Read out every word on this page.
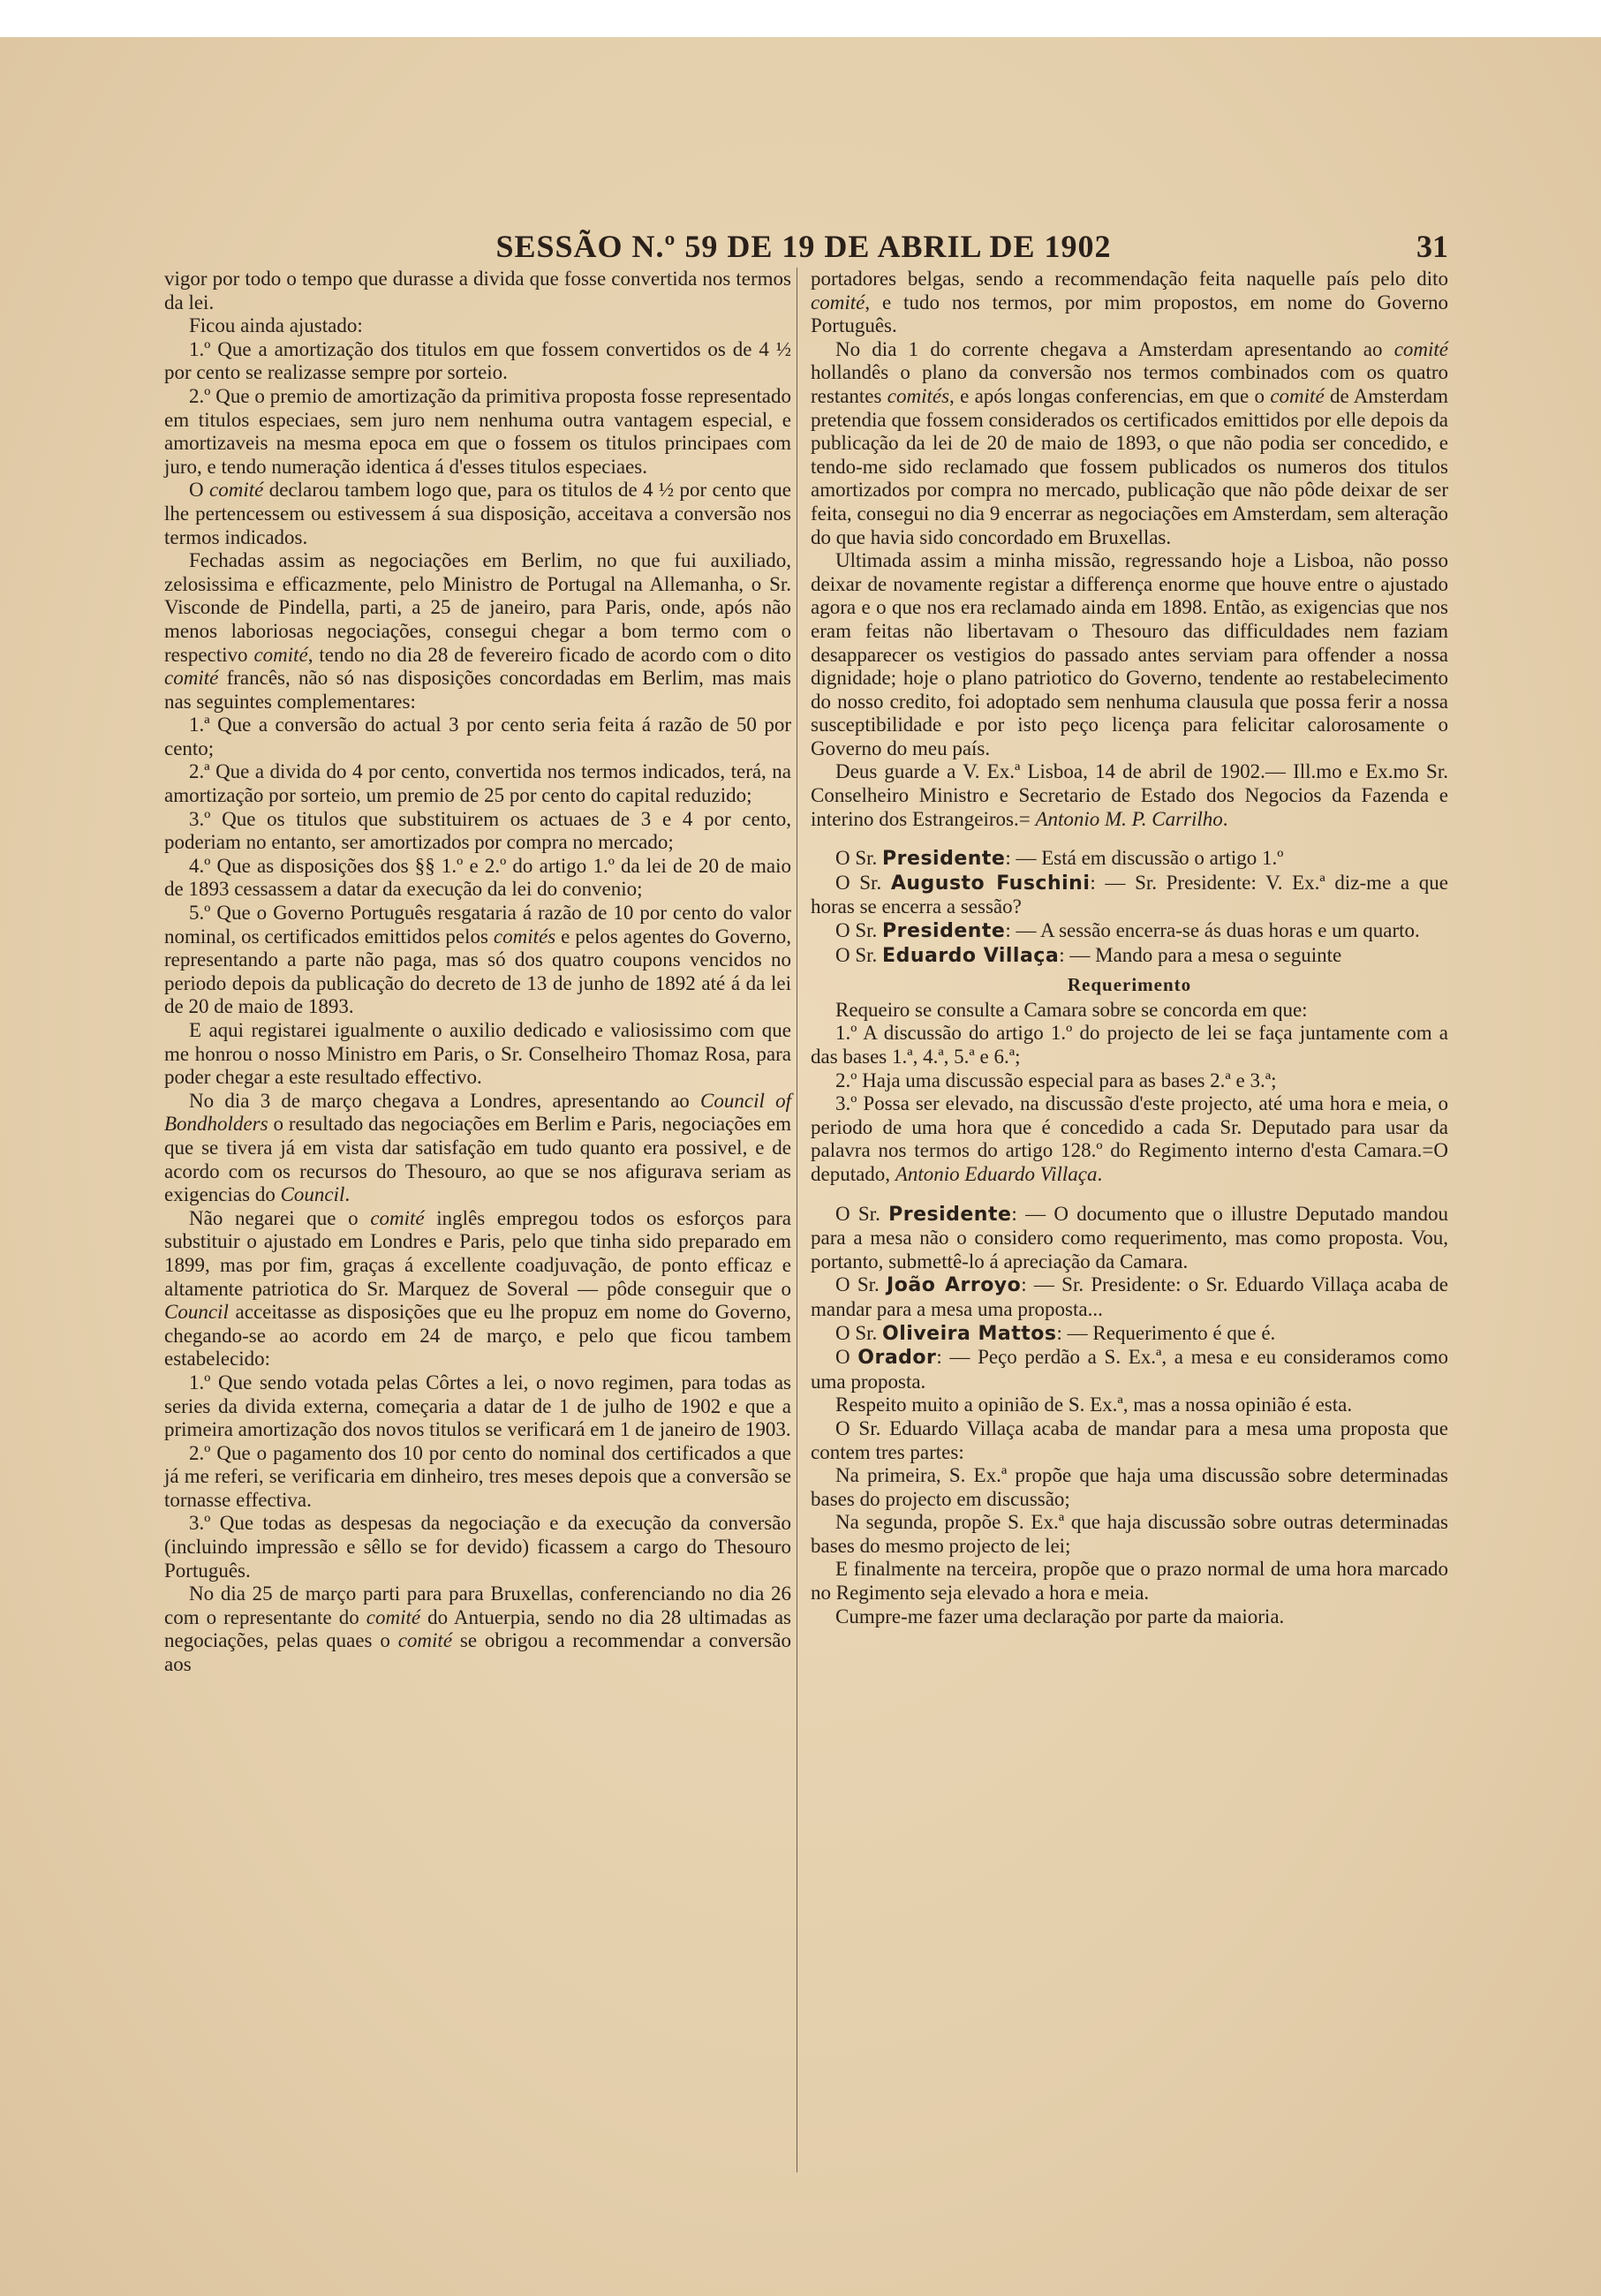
SESSÃO N.º 59 DE 19 DE ABRIL DE 1902	31

vigor por todo o tempo que durasse a divida que fosse convertida nos termos da lei.

Ficou ainda ajustado:

1.º Que a amortização dos titulos em que fossem convertidos os de 4 ½ por cento se realizasse sempre por sorteio.

2.º Que o premio de amortização da primitiva proposta fosse representado em titulos especiaes, sem juro nem nenhuma outra vantagem especial, e amortizaveis na mesma epoca em que o fossem os titulos principaes com juro, e tendo numeração identica á d'esses titulos especiaes.

O comité declarou tambem logo que, para os titulos de 4 ½ por cento que lhe pertencessem ou estivessem á sua disposição, acceitava a conversão nos termos indicados.

Fechadas assim as negociações em Berlim, no que fui auxiliado, zelosissima e efficazmente, pelo Ministro de Portugal na Allemanha, o Sr. Visconde de Pindella, parti, a 25 de janeiro, para Paris, onde, após não menos laboriosas negociações, consegui chegar a bom termo com o respectivo comité, tendo no dia 28 de fevereiro ficado de acordo com o dito comité francês, não só nas disposições concordadas em Berlim, mas mais nas seguintes complementares:

1.ª Que a conversão do actual 3 por cento seria feita á razão de 50 por cento;

2.ª Que a divida do 4 por cento, convertida nos termos indicados, terá, na amortização por sorteio, um premio de 25 por cento do capital reduzido;

3.º Que os titulos que substituirem os actuaes de 3 e 4 por cento, poderiam no entanto, ser amortizados por compra no mercado;

4.º Que as disposições dos §§ 1.º e 2.º do artigo 1.º da lei de 20 de maio de 1893 cessassem a datar da execução da lei do convenio;

5.º Que o Governo Português resgataria á razão de 10 por cento do valor nominal, os certificados emittidos pelos comités e pelos agentes do Governo, representando a parte não paga, mas só dos quatro coupons vencidos no periodo depois da publicação do decreto de 13 de junho de 1892 até á da lei de 20 de maio de 1893.

E aqui registarei igualmente o auxilio dedicado e valiosissimo com que me honrou o nosso Ministro em Paris, o Sr. Conselheiro Thomaz Rosa, para poder chegar a este resultado effectivo.

No dia 3 de março chegava a Londres, apresentando ao Council of Bondholders o resultado das negociações em Berlim e Paris, negociações em que se tivera já em vista dar satisfação em tudo quanto era possivel, e de acordo com os recursos do Thesouro, ao que se nos afigurava seriam as exigencias do Council.

Não negarei que o comité inglês empregou todos os esforços para substituir o ajustado em Londres e Paris, pelo que tinha sido preparado em 1899, mas por fim, graças á excellente coadjuvação, de ponto efficaz e altamente patriotica do Sr. Marquez de Soveral — pôde conseguir que o Council acceitasse as disposições que eu lhe propuz em nome do Governo, chegando-se ao acordo em 24 de março, e pelo que ficou tambem estabelecido:

1.º Que sendo votada pelas Côrtes a lei, o novo regimen, para todas as series da divida externa, começaria a datar de 1 de julho de 1902 e que a primeira amortização dos novos titulos se verificará em 1 de janeiro de 1903.

2.º Que o pagamento dos 10 por cento do nominal dos certificados a que já me referi, se verificaria em dinheiro, tres meses depois que a conversão se tornasse effectiva.

3.º Que todas as despesas da negociação e da execução da conversão (incluindo impressão e sêllo se for devido) ficassem a cargo do Thesouro Português.

No dia 25 de março parti para para Bruxellas, conferenciando no dia 26 com o representante do comité do Antuerpia, sendo no dia 28 ultimadas as negociações, pelas quaes o comité se obrigou a recommendar a conversão aos

portadores belgas, sendo a recommendação feita naquelle país pelo dito comité, e tudo nos termos, por mim propostos, em nome do Governo Português.

No dia 1 do corrente chegava a Amsterdam apresentando ao comité hollandês o plano da conversão nos termos combinados com os quatro restantes comités, e após longas conferencias, em que o comité de Amsterdam pretendia que fossem considerados os certificados emittidos por elle depois da publicação da lei de 20 de maio de 1893, o que não podia ser concedido, e tendo-me sido reclamado que fossem publicados os numeros dos titulos amortizados por compra no mercado, publicação que não pôde deixar de ser feita, consegui no dia 9 encerrar as negociações em Amsterdam, sem alteração do que havia sido concordado em Bruxellas.

Ultimada assim a minha missão, regressando hoje a Lisboa, não posso deixar de novamente registar a differença enorme que houve entre o ajustado agora e o que nos era reclamado ainda em 1898. Então, as exigencias que nos eram feitas não libertavam o Thesouro das difficuldades nem faziam desapparecer os vestigios do passado antes serviam para offender a nossa dignidade; hoje o plano patriotico do Governo, tendente ao restabelecimento do nosso credito, foi adoptado sem nenhuma clausula que possa ferir a nossa susceptibilidade e por isto peço licença para felicitar calorosamente o Governo do meu país.

Deus guarde a V. Ex.ª Lisboa, 14 de abril de 1902.— Ill.mo e Ex.mo Sr. Conselheiro Ministro e Secretario de Estado dos Negocios da Fazenda e interino dos Estrangeiros.= Antonio M. P. Carrilho.

O Sr. Presidente: — Está em discussão o artigo 1.º

O Sr. Augusto Fuschini: — Sr. Presidente: V. Ex.ª diz-me a que horas se encerra a sessão?

O Sr. Presidente: — A sessão encerra-se ás duas horas e um quarto.

O Sr. Eduardo Villaça: — Mando para a mesa o seguinte

Requerimento

Requeiro se consulte a Camara sobre se concorda em que:

1.º A discussão do artigo 1.º do projecto de lei se faça juntamente com a das bases 1.ª, 4.ª, 5.ª e 6.ª;

2.º Haja uma discussão especial para as bases 2.ª e 3.ª;

3.º Possa ser elevado, na discussão d'este projecto, até uma hora e meia, o periodo de uma hora que é concedido a cada Sr. Deputado para usar da palavra nos termos do artigo 128.º do Regimento interno d'esta Camara.=O deputado, Antonio Eduardo Villaça.

O Sr. Presidente: — O documento que o illustre Deputado mandou para a mesa não o considero como requerimento, mas como proposta. Vou, portanto, submettê-lo á apreciação da Camara.

O Sr. João Arroyo: — Sr. Presidente: o Sr. Eduardo Villaça acaba de mandar para a mesa uma proposta...

O Sr. Oliveira Mattos: — Requerimento é que é.

O Orador: — Peço perdão a S. Ex.ª, a mesa e eu consideramos como uma proposta.

Respeito muito a opinião de S. Ex.ª, mas a nossa opinião é esta.

O Sr. Eduardo Villaça acaba de mandar para a mesa uma proposta que contem tres partes:

Na primeira, S. Ex.ª propõe que haja uma discussão sobre determinadas bases do projecto em discussão;

Na segunda, propõe S. Ex.ª que haja discussão sobre outras determinadas bases do mesmo projecto de lei;

E finalmente na terceira, propõe que o prazo normal de uma hora marcado no Regimento seja elevado a hora e meia.

Cumpre-me fazer uma declaração por parte da maioria.
